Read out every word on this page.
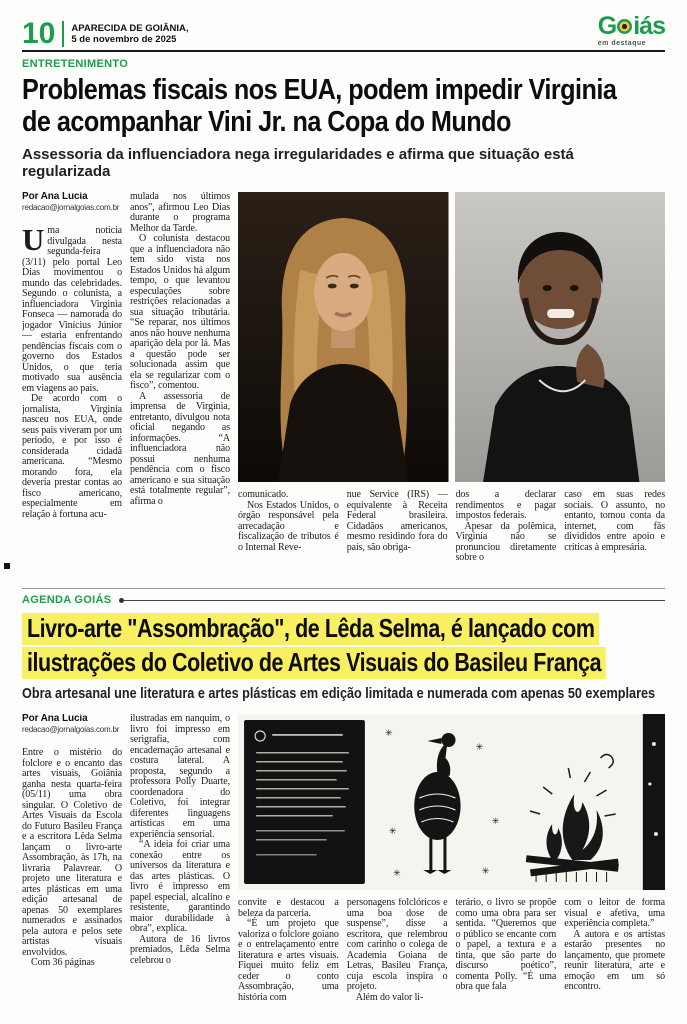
10 APARECIDA DE GOIÂNIA,
5 de novembro de 2025	G iás
em destaque
ENTRETENIMENTO

Problemas fiscais nos EUA, podem impedir Virginia

de acompanhar Vini Jr. na Copa do Mundo

Assessoria da influenciadora nega irregularidades e afirma que situação está regularizada
Por Ana Lucia
redacao@jornalgoias.com.br

Uma noticia divulgada nesta segunda-feira (3/11) pelo portal Leo Dias movimentou o mundo das celebridades. Segundo o colunista, a influenciadora Virginia Fonseca — namorada do jogador Vinícius Júnior — estaria enfrentando pendências fiscais com o governo dos Estados Unidos, o que teria motivado sua ausência em viagens ao país.

De acordo com o jornalista, Virginia nasceu nos EUA, onde seus pais viveram por um período, e por isso é considerada cidadã americana. “Mesmo morando fora, ela deveria prestar contas ao fisco americano, especialmente em relação à fortuna acu-

mulada nos últimos anos”, afirmou Leo Dias durante o programa Melhor da Tarde.

O colunista destacou que a influenciadora não tem sido vista nos Estados Unidos há algum tempo, o que levantou especulações sobre restrições relacionadas a sua situação tributária. “Se reparar, nos últimos anos não houve nenhuma aparição dela por lá. Mas a questão pode ser solucionada assim que ela se regularizar com o fisco”, comentou.

A assessoria de imprensa de Virginia, entretanto, divulgou nota oficial negando as informações. “A influenciadora não possui nenhuma pendência com o fisco americano e sua situação está totalmente regular”, afirma o

comunicado.

Nos Estados Unidos, o órgão responsável pela arrecadação e fiscalização de tributos é o Internal Reve-

nue Service (IRS) — equivalente à Receita Federal brasileira. Cidadãos americanos, mesmo residindo fora do país, são obriga-

dos a declarar rendimentos e pagar impostos federais.

Apesar da polêmica, Virginia não se pronunciou diretamente sobre o

caso em suas redes sociais. O assunto, no entanto, tomou conta da internet, com fãs divididos entre apoio e críticas à empresária.

AGENDA GOIÁS

Livro-arte "Assombração", de Lêda Selma, é lançado com

ilustrações do Coletivo de Artes Visuais do Basileu França

Obra artesanal une literatura e artes plásticas em edição limitada e numerada com apenas 50 exemplares
Por Ana Lucia
redacao@jornalgoias.com.br

Entre o mistério do folclore e o encanto das artes visuais, Goiânia ganha nesta quarta-feira (05/11) uma obra singular. O Coletivo de Artes Visuais da Escola do Futuro Basileu França e a escritora Lêda Selma lançam o livro-arte Assombração, às 17h, na livraria Palavrear. O projeto une literatura e artes plásticas em uma edição artesanal de apenas 50 exemplares numerados e assinados pela autora e pelos sete artistas visuais envolvidos.

Com 36 páginas

ilustradas em nanquim, o livro foi impresso em serigrafia, com encadernação artesanal e costura lateral. A proposta, segundo a professora Polly Duarte, coordenadora do Coletivo, foi integrar diferentes linguagens artísticas em uma experiência sensorial.

“A ideia foi criar uma conexão entre os universos da literatura e das artes plásticas. O livro é impresso em papel especial, alcalino e resistente, garantindo maior durabilidade à obra”, explica.

Autora de 16 livros premiados, Lêda Selma celebrou o

✳
✳
✳
✳
✳
✳

convite e destacou a beleza da parceria.

“É um projeto que valoriza o folclore goiano e o entrelaçamento entre literatura e artes visuais. Fiquei muito feliz em ceder o conto Assombração, uma história com

personagens folclóricos e uma boa dose de suspense”, disse a escritora, que relembrou com carinho o colega de Academia Goiana de Letras, Basileu França, cuja escola inspira o projeto.

Além do valor li-

terário, o livro se propõe como uma obra para ser sentida. “Queremos que o público se encante com o papel, a textura e a tinta, que são parte do discurso poético”, comenta Polly. “É uma obra que fala

com o leitor de forma visual e afetiva, uma experiência completa.”

A autora e os artistas estarão presentes no lançamento, que promete reunir literatura, arte e emoção em um só encontro.
